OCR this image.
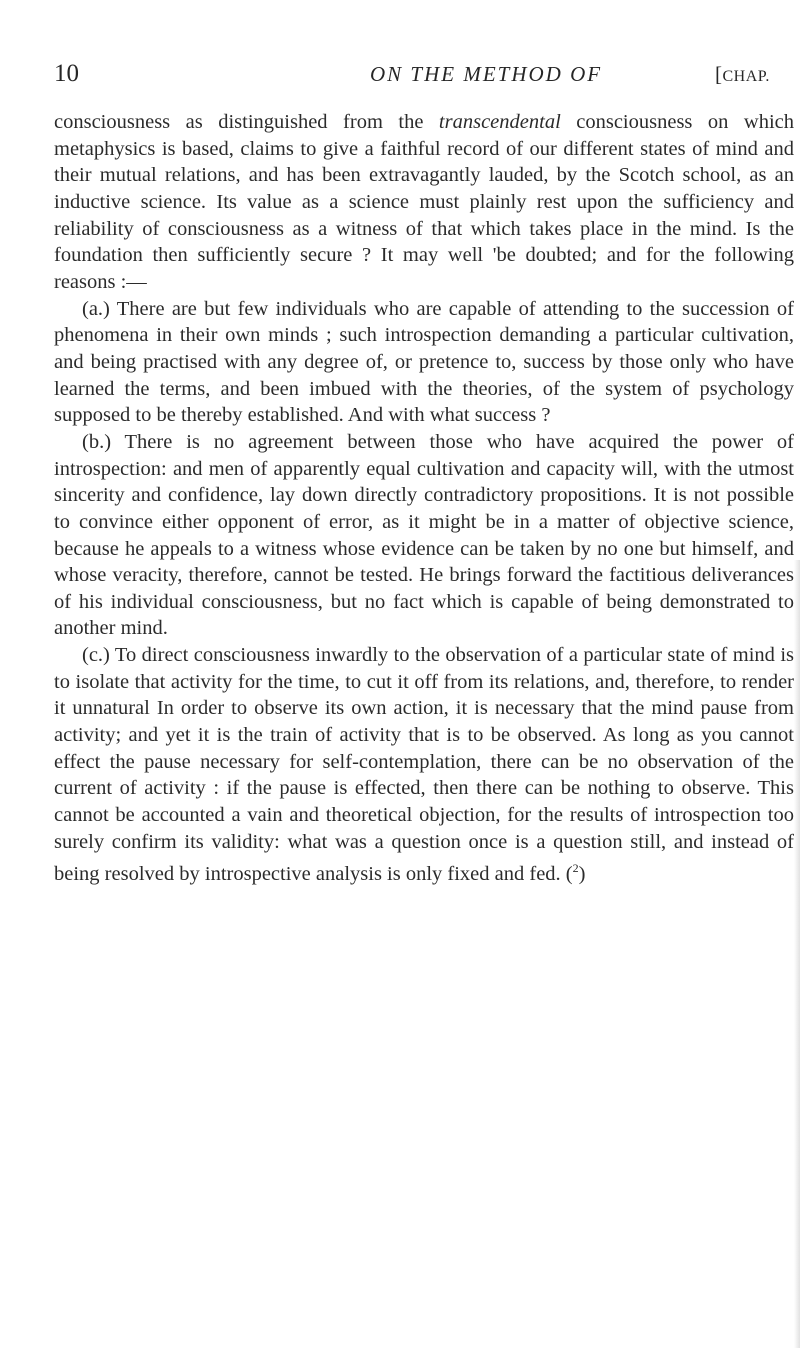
10	ON THE METHOD OF	[CHAP.

consciousness as distinguished from the transcendental consciousness on which metaphysics is based, claims to give a faithful record of our different states of mind and their mutual relations, and has been extravagantly lauded, by the Scotch school, as an inductive science. Its value as a science must plainly rest upon the sufficiency and reliability of consciousness as a witness of that which takes place in the mind. Is the foundation then sufficiently secure ? It may well 'be doubted; and for the following reasons :—

(a.) There are but few individuals who are capable of attending to the succession of phenomena in their own minds ; such introspection demanding a particular cultivation, and being practised with any degree of, or pretence to, success by those only who have learned the terms, and been imbued with the theories, of the system of psychology supposed to be thereby established. And with what success ?

(b.) There is no agreement between those who have acquired the power of introspection: and men of apparently equal cultivation and capacity will, with the utmost sincerity and confidence, lay down directly contradictory propositions. It is not possible to convince either opponent of error, as it might be in a matter of objective science, because he appeals to a witness whose evidence can be taken by no one but himself, and whose veracity, therefore, cannot be tested. He brings forward the factitious deliverances of his individual consciousness, but no fact which is capable of being demonstrated to another mind.

(c.) To direct consciousness inwardly to the observation of a particular state of mind is to isolate that activity for the time, to cut it off from its relations, and, therefore, to render it unnatural In order to observe its own action, it is necessary that the mind pause from activity; and yet it is the train of activity that is to be observed. As long as you cannot effect the pause necessary for self-contemplation, there can be no observation of the current of activity : if the pause is effected, then there can be nothing to observe. This cannot be accounted a vain and theoretical objection, for the results of introspection too surely confirm its validity: what was a question once is a question still, and instead of being resolved by introspective analysis is only fixed and fed. ($^2$)
